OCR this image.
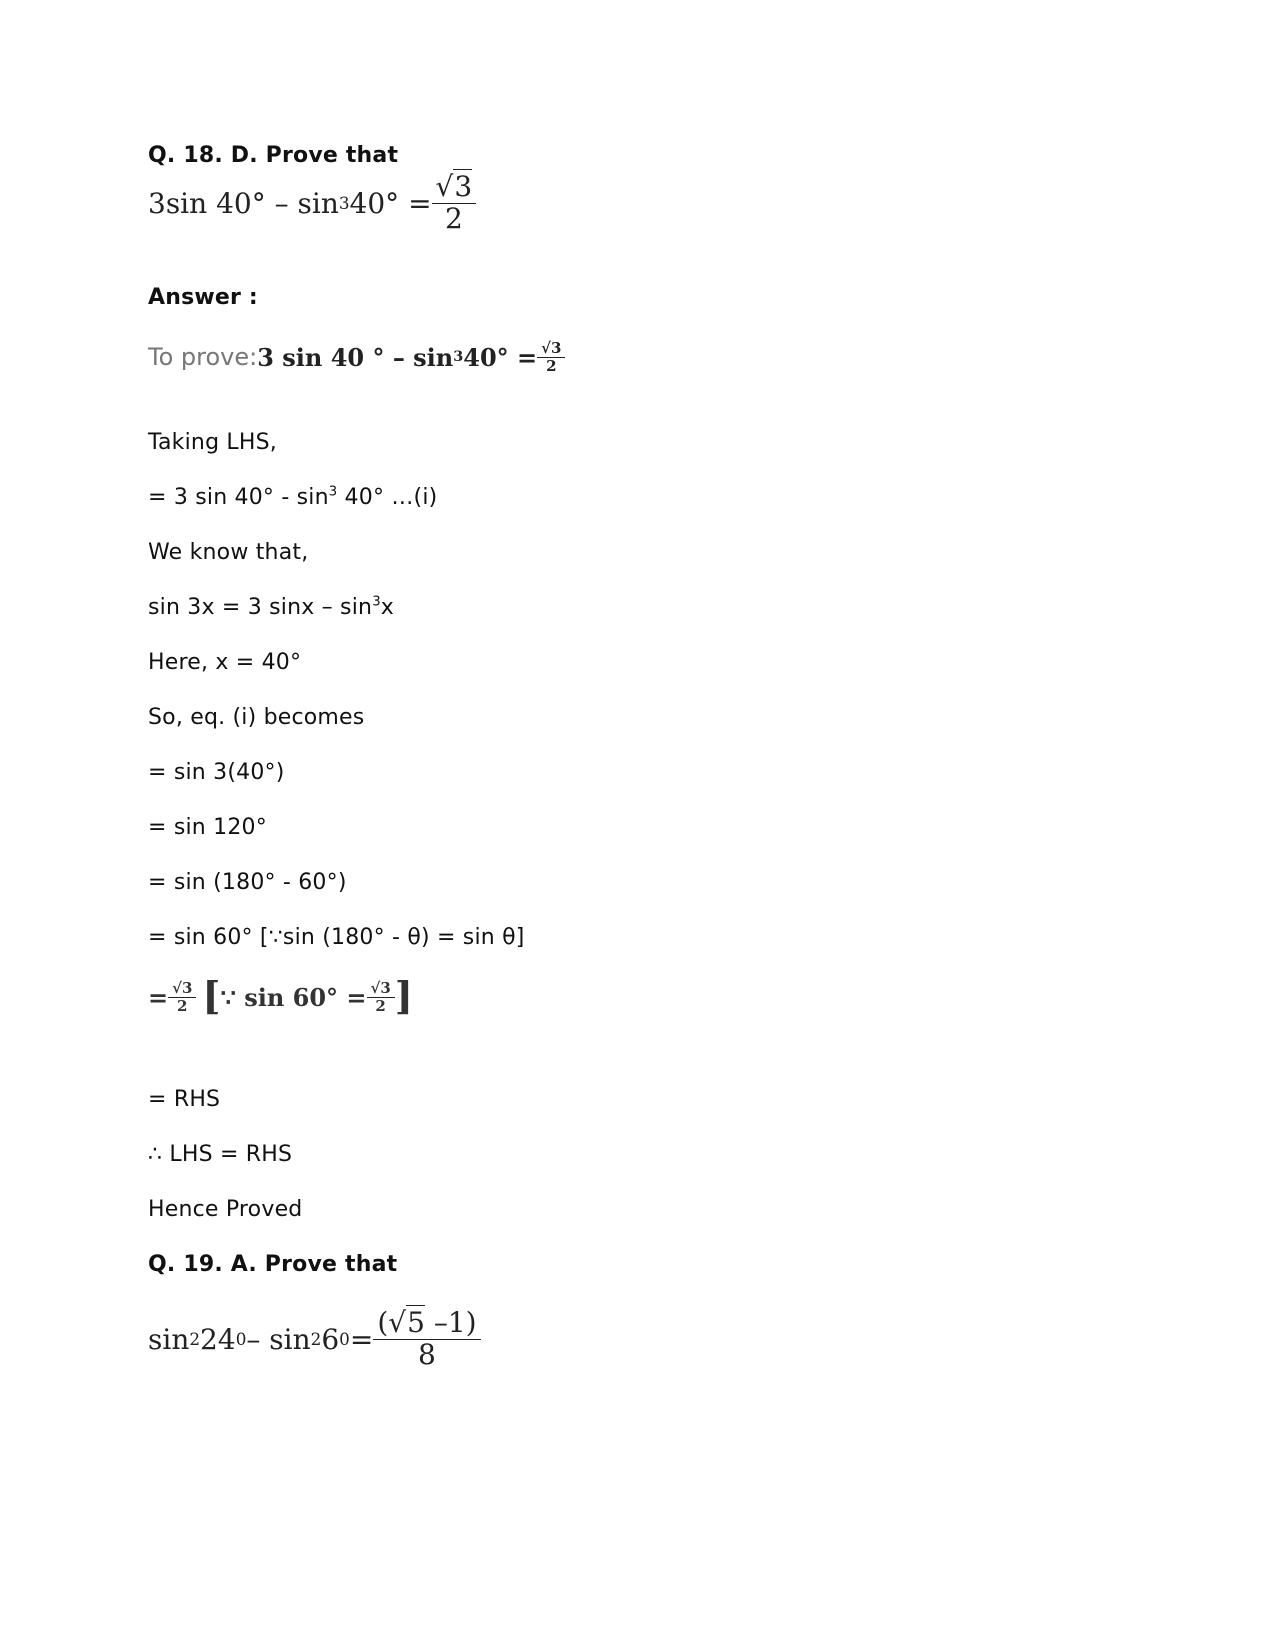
Q. 18. D. Prove that
3sin 40° – sin 3 $40^\circ = \frac{√3}{2}$
Answer :
To prove: 3 sin 40 ° – sin 3 $40^\circ = \frac{√3}{2}$
Taking LHS,
= 3 $\sin 40^\circ - \sin^3 40^\circ$ …(i)
We know that,
sin 3x = 3 sinx – $\sin^3x$
Here, x = 40°
So, eq. (i) becomes
= sin 3(40°)
= sin 120°
= sin (180° - 60°)
= sin 60° [∵sin (180° - θ) = sin θ]
= $\frac{√3}{2}$ [ ∵ $\sin 60^\circ = \frac{√3}{2}$ ]
= RHS
∴ LHS = RHS
Hence Proved
Q. 19. A. Prove that
sin 2 24 0 – sin 2 6 $0 = \frac{(√5 -1)}{8}$
